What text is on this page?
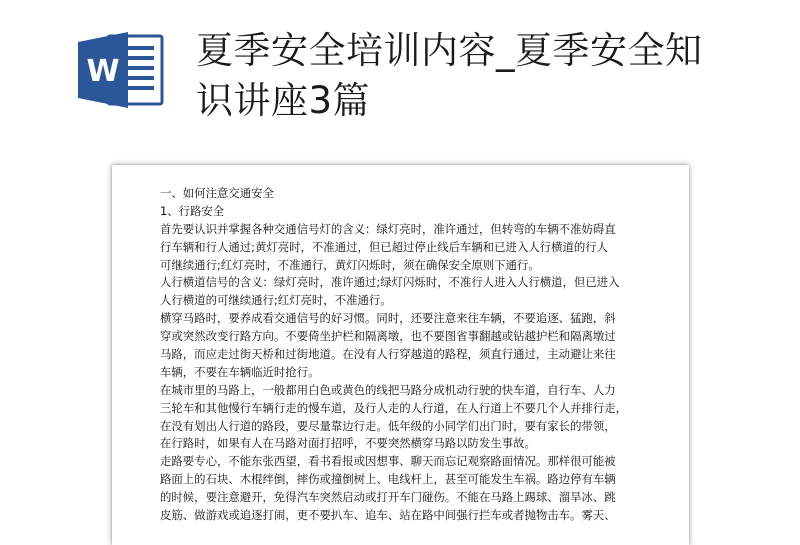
W 夏季安全培训内容_夏季安全知
识讲座3篇
一、如何注意交通安全
1、行路安全
首先要认识并掌握各种交通信号灯的含义：绿灯亮时，准许通过，但转弯的车辆不准妨碍直
行车辆和行人通过;黄灯亮时，不准通过，但已超过停止线后车辆和已进入人行横道的行人
可继续通行;红灯亮时，不准通行，黄灯闪烁时，须在确保安全原则下通行。
人行横道信号的含义：绿灯亮时，准许通过;绿灯闪烁时，不准行人进入人行横道，但已进入
人行横道的可继续通行;红灯亮时，不准通行。
横穿马路时，要养成看交通信号的好习惯。同时，还要注意来往车辆，不要追逐、猛跑，斜
穿或突然改变行路方向。不要倚坐护栏和隔离墩，也不要图省事翻越或钻越护栏和隔离墩过
马路，而应走过街天桥和过街地道。在没有人行穿越道的路程，须直行通过，主动避让来往
车辆，不要在车辆临近时抢行。
在城市里的马路上，一般都用白色或黄色的线把马路分成机动行驶的快车道，自行车、人力
三轮车和其他慢行车辆行走的慢车道，及行人走的人行道，在人行道上不要几个人并排行走，
在没有划出人行道的路段，要尽量靠边行走。低年级的小同学们出门时，要有家长的带领，
在行路时，如果有人在马路对面打招呼，不要突然横穿马路以防发生事故。
走路要专心，不能东张西望，看书看报或因想事、聊天而忘记观察路面情况。那样很可能被
路面上的石块、木棍绊倒，摔伤或撞倒树上、电线杆上，甚至可能发生车祸。路边停有车辆
的时候，要注意避开，免得汽车突然启动或打开车门碰伤。不能在马路上踢球、溜旱冰、跳
皮筋、做游戏或追逐打闹，更不要扒车、追车、站在路中间强行拦车或者抛物击车。雾天、
